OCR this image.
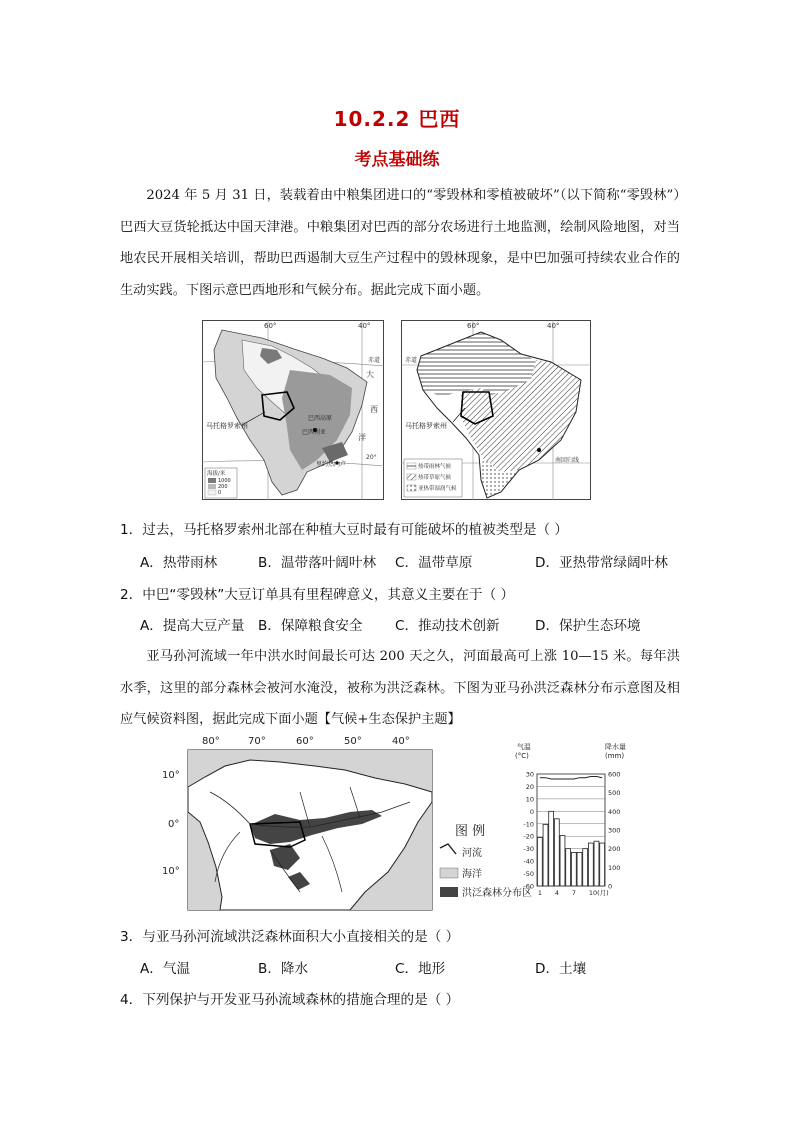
10.2.2 巴西
考点基础练
2024 年 5 月 31 日，装载着由中粮集团进口的“零毁林和零植被破坏”（以下简称“零毁林”）巴西大豆货轮抵达中国天津港。中粮集团对巴西的部分农场进行土地监测，绘制风险地图，对当地农民开展相关培训，帮助巴西遏制大豆生产过程中的毁林现象，是中巴加强可持续农业合作的生动实践。下图示意巴西地形和气候分布。据此完成下面小题。
60°	40°
赤道
大
西
洋
巴西高原
巴西利亚
马托格罗索州
里约热内卢
20°
海拔/米
1000
200
0
60°	40°
赤道
马托格罗索州
南回归线
热带雨林气候
热带草原气候
亚热带湿润气候
1．过去，马托格罗索州北部在种植大豆时最有可能破坏的植被类型是（ ）
A．热带雨林	B．温带落叶阔叶林 C．温带草原	D．亚热带常绿阔叶林
2．中巴“零毁林”大豆订单具有里程碑意义，其意义主要在于（ ）
A．提高大豆产量 B．保障粮食安全 C．推动技术创新	D．保护生态环境
亚马孙河流域一年中洪水时间最长可达 200 天之久，河面最高可上涨 10—15 米。每年洪水季，这里的部分森林会被河水淹没，被称为洪泛森林。下图为亚马孙洪泛森林分布示意图及相应气候资料图，据此完成下面小题【气候+生态保护主题】
80°	70°	60°	50°	40°
10°
0°
10°
图 例
河流
海洋
洪泛森林分布区
气温
(°C)
降水量
(mm)
30
20
10
0
-10
-20
-30
-40
-50
-60
600
500
400
300
200
100
0
1 4 7 10(月)
3．与亚马孙河流域洪泛森林面积大小直接相关的是（ ）
A．气温	B．降水	C．地形	D．土壤
4．下列保护与开发亚马孙流域森林的措施合理的是（ ）
